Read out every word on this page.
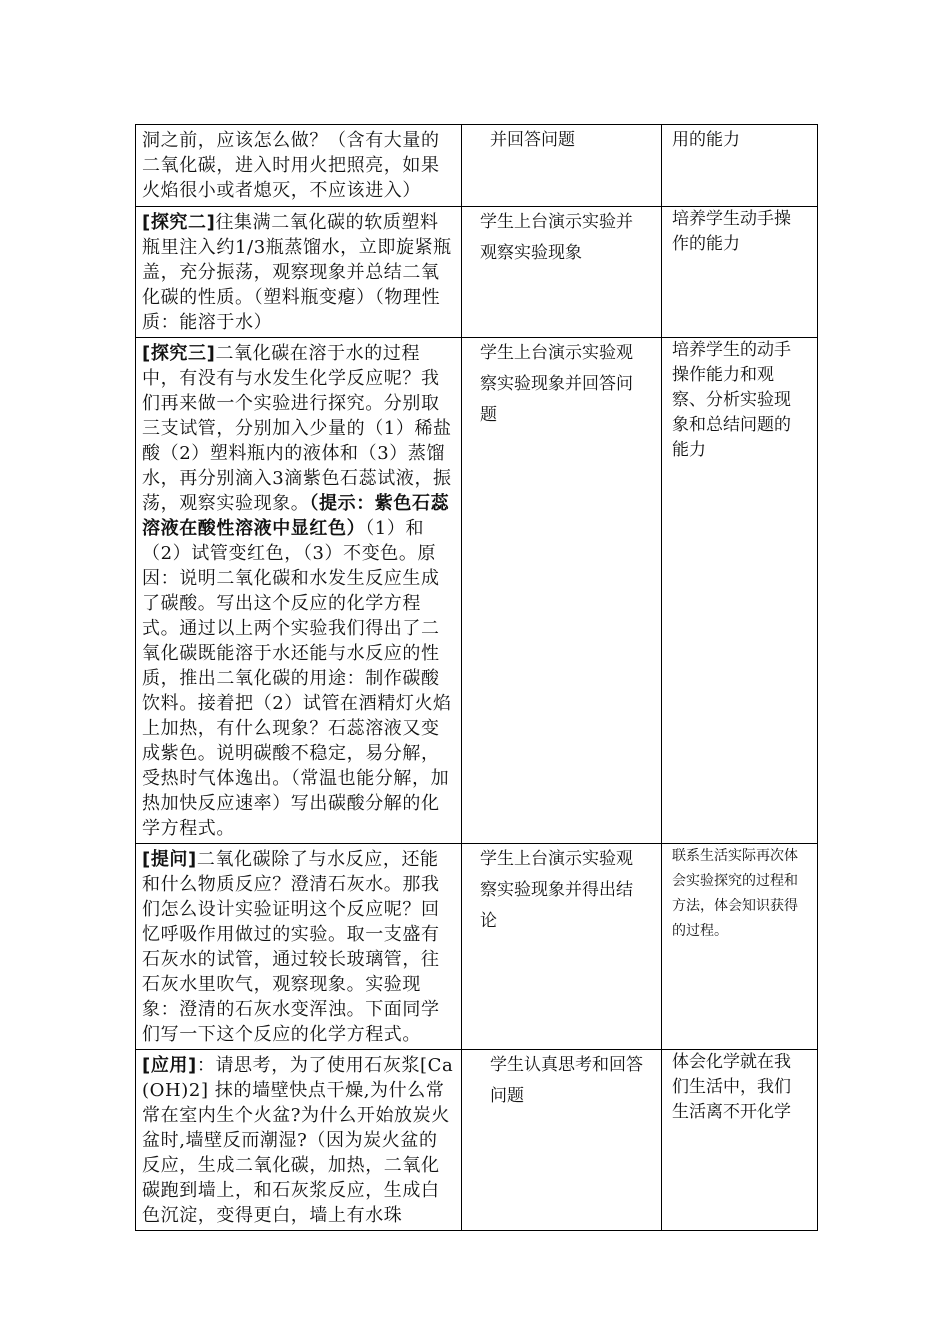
洞之前，应该怎么做？（含有大量的二氧化碳，进入时用火把照亮，如果火焰很小或者熄灭，不应该进入）	并回答问题	用的能力

[探究二]往集满二氧化碳的软质塑料瓶里注入约1/3瓶蒸馏水，立即旋紧瓶盖，充分振荡，观察现象并总结二氧化碳的性质。（塑料瓶变瘪）（物理性质：能溶于水）	学生上台演示实验并观察实验现象	培养学生动手操作的能力

[探究三]二氧化碳在溶于水的过程中，有没有与水发生化学反应呢？我们再来做一个实验进行探究。分别取三支试管，分别加入少量的（1）稀盐酸（2）塑料瓶内的液体和（3）蒸馏水，再分别滴入3滴紫色石蕊试液，振荡，观察实验现象。（提示：紫色石蕊溶液在酸性溶液中显红色）（1）和（2）试管变红色，（3）不变色。原因：说明二氧化碳和水发生反应生成了碳酸。写出这个反应的化学方程式。通过以上两个实验我们得出了二氧化碳既能溶于水还能与水反应的性质，推出二氧化碳的用途：制作碳酸饮料。接着把（2）试管在酒精灯火焰上加热，有什么现象？石蕊溶液又变成紫色。说明碳酸不稳定，易分解，受热时气体逸出。（常温也能分解，加热加快反应速率）写出碳酸分解的化学方程式。	学生上台演示实验观察实验现象并回答问题	培养学生的动手操作能力和观察、分析实验现象和总结问题的能力

[提问]二氧化碳除了与水反应，还能和什么物质反应？澄清石灰水。那我们怎么设计实验证明这个反应呢？回忆呼吸作用做过的实验。取一支盛有石灰水的试管，通过较长玻璃管，往石灰水里吹气，观察现象。实验现象：澄清的石灰水变浑浊。下面同学们写一下这个反应的化学方程式。	学生上台演示实验观察实验现象并得出结论	联系生活实际再次体会实验探究的过程和方法，体会知识获得的过程。

[应用]：请思考，为了使用石灰浆[Ca(OH)2] 抹的墙壁快点干燥,为什么常常在室内生个火盆?为什么开始放炭火盆时,墙壁反而潮湿?（因为炭火盆的反应，生成二氧化碳，加热，二氧化碳跑到墙上，和石灰浆反应，生成白色沉淀，变得更白，墙上有水珠	学生认真思考和回答问题	体会化学就在我们生活中，我们生活离不开化学
